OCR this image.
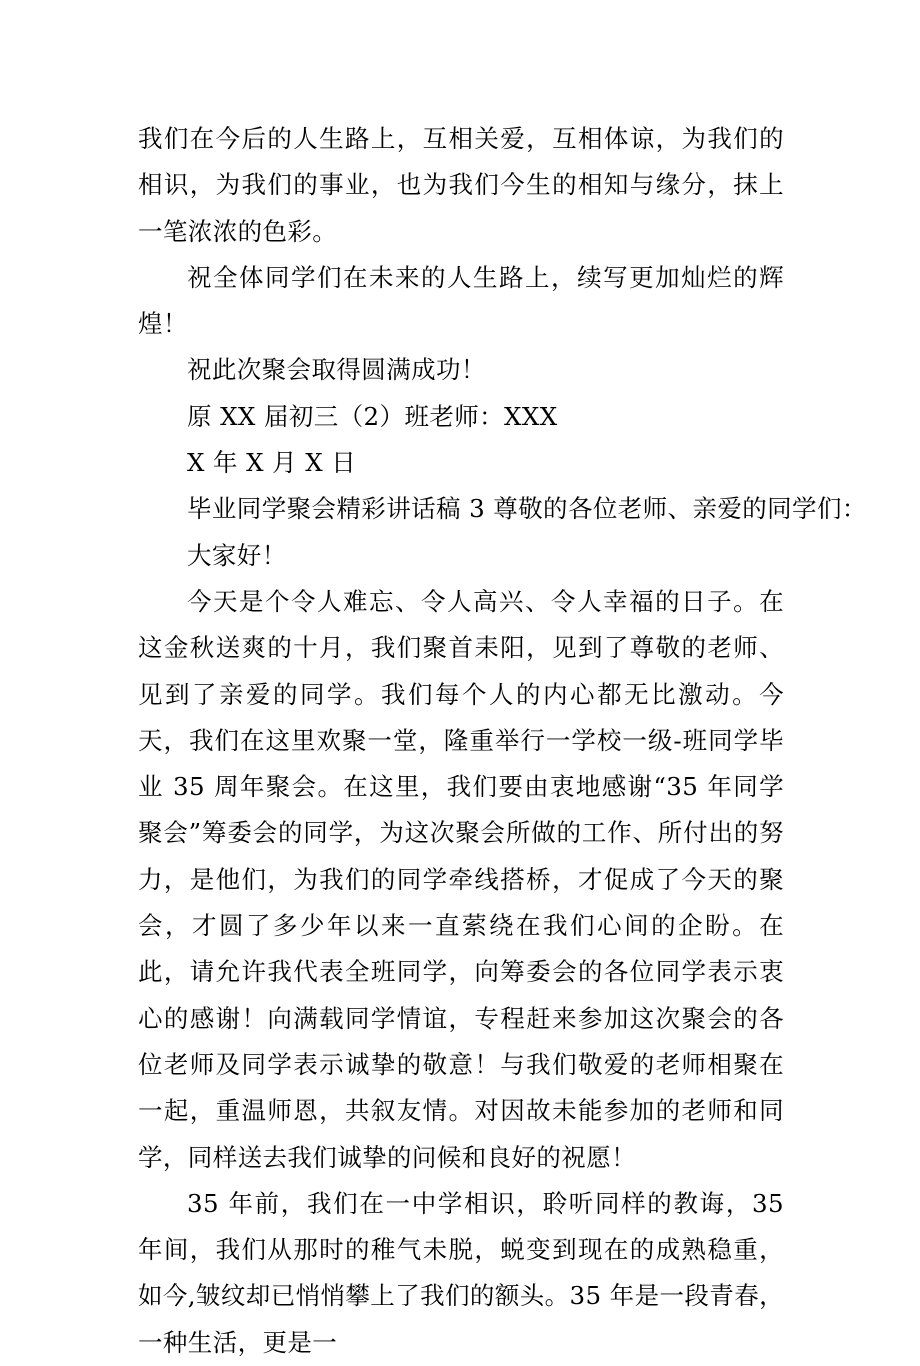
我们在今后的人生路上，互相关爱，互相体谅，为我们的相识，为我们的事业，也为我们今生的相知与缘分，抹上一笔浓浓的色彩。

祝全体同学们在未来的人生路上，续写更加灿烂的辉煌！

祝此次聚会取得圆满成功！

原 XX 届初三（2）班老师：XXX

X 年 X 月 X 日

毕业同学聚会精彩讲话稿 3 尊敬的各位老师、亲爱的同学们：

大家好！

今天是个令人难忘、令人高兴、令人幸福的日子。在这金秋送爽的十月，我们聚首耒阳，见到了尊敬的老师、见到了亲爱的同学。我们每个人的内心都无比激动。今天，我们在这里欢聚一堂，隆重举行一学校一级-班同学毕业 35 周年聚会。在这里，我们要由衷地感谢“35 年同学聚会”筹委会的同学，为这次聚会所做的工作、所付出的努力，是他们，为我们的同学牵线搭桥，才促成了今天的聚会，才圆了多少年以来一直萦绕在我们心间的企盼。在此，请允许我代表全班同学，向筹委会的各位同学表示衷心的感谢！向满载同学情谊，专程赶来参加这次聚会的各位老师及同学表示诚挚的敬意！与我们敬爱的老师相聚在一起，重温师恩，共叙友情。对因故未能参加的老师和同学，同样送去我们诚挚的问候和良好的祝愿！

35 年前，我们在一中学相识，聆听同样的教诲，35 年间，我们从那时的稚气未脱，蜕变到现在的成熟稳重，如今,皱纹却已悄悄攀上了我们的额头。35 年是一段青春，一种生活，更是一
